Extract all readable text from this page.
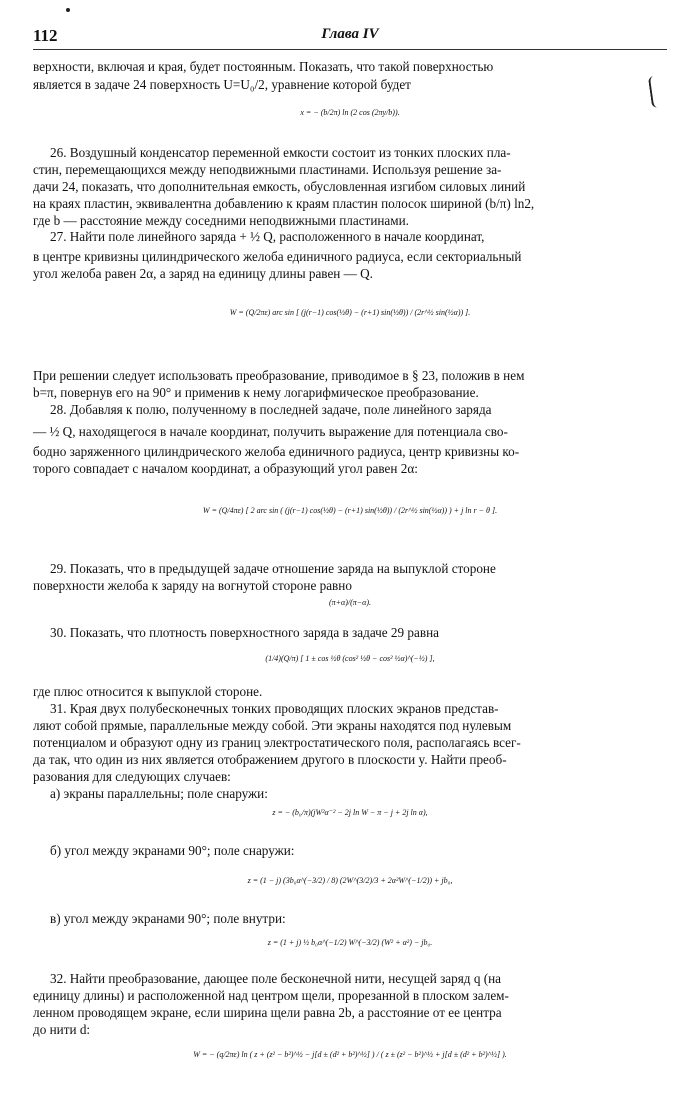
112	Глава IV
верхности, включая и края, будет постоянным. Показать, что такой поверхностью
является в задаче 24 поверхность U=U₀/2, уравнение которой будет
x = − (b/2π) ln (2 cos (2πy/b)).
26. Воздушный конденсатор переменной емкости состоит из тонких плоских пла-
стин, перемещающихся между неподвижными пластинами. Используя решение за-
дачи 24, показать, что дополнительная емкость, обусловленная изгибом силовых линий
на краях пластин, эквивалентна добавлению к краям пластин полосок шириной (b/π) ln2,
где b — расстояние между соседними неподвижными пластинами.
27. Найти поле линейного заряда + ½ Q, расположенного в начале координат,
в центре кривизны цилиндрического желоба единичного радиуса, если секториальный
угол желоба равен 2α, а заряд на единицу длины равен — Q.
W = (Q/2πε) arc sin [ (j(r−1) cos(½θ) − (r+1) sin(½θ)) / (2r^½ sin(½α)) ].
При решении следует использовать преобразование, приводимое в § 23, положив в нем
b=π, повернув его на 90° и применив к нему логарифмическое преобразование.
28. Добавляя к полю, полученному в последней задаче, поле линейного заряда
— ½ Q, находящегося в начале координат, получить выражение для потенциала сво-
бодно заряженного цилиндрического желоба единичного радиуса, центр кривизны ко-
торого совпадает с началом координат, а образующий угол равен 2α:
W = (Q/4πε) [ 2 arc sin ( (j(r−1) cos(½θ) − (r+1) sin(½θ)) / (2r^½ sin(½α)) ) + j ln r − θ ].
29. Показать, что в предыдущей задаче отношение заряда на выпуклой стороне
поверхности желоба к заряду на вогнутой стороне равно
(π+α)/(π−α).
30. Показать, что плотность поверхностного заряда в задаче 29 равна
(1/4)(Q/π) [ 1 ± cos ½θ (cos² ½θ − cos² ½α)^(−½) ],
где плюс относится к выпуклой стороне.
31. Края двух полубесконечных тонких проводящих плоских экранов представ-
ляют собой прямые, параллельные между собой. Эти экраны находятся под нулевым
потенциалом и образуют одну из границ электростатического поля, располагаясь всег-
да так, что один из них является отображением другого в плоскости y. Найти преоб-
разования для следующих случаев:
а) экраны параллельны; поле снаружи:
z = − (b₀/π)(jW²α⁻² − 2j ln W − π − j + 2j ln α),
б) угол между экранами 90°; поле снаружи:
z = (1 − j) (3b₀α^(−3/2) / 8) (2W^(3/2)/3 + 2α²W^(−1/2)) + jb₀,
в) угол между экранами 90°; поле внутри:
z = (1 + j) ½ b₀α^(−1/2) W^(−3/2) (W² + α²) − jb₀.
32. Найти преобразование, дающее поле бесконечной нити, несущей заряд q (на
единицу длины) и расположенной над центром щели, прорезанной в плоском залем-
ленном проводящем экране, если ширина щели равна 2b, а расстояние от ее центра
до нити d:
W = − (q/2πε) ln ( z + (z² − b²)^½ − j[d ± (d² + b²)^½] ) / ( z ± (z² − b²)^½ + j[d ± (d² + b²)^½] ).
